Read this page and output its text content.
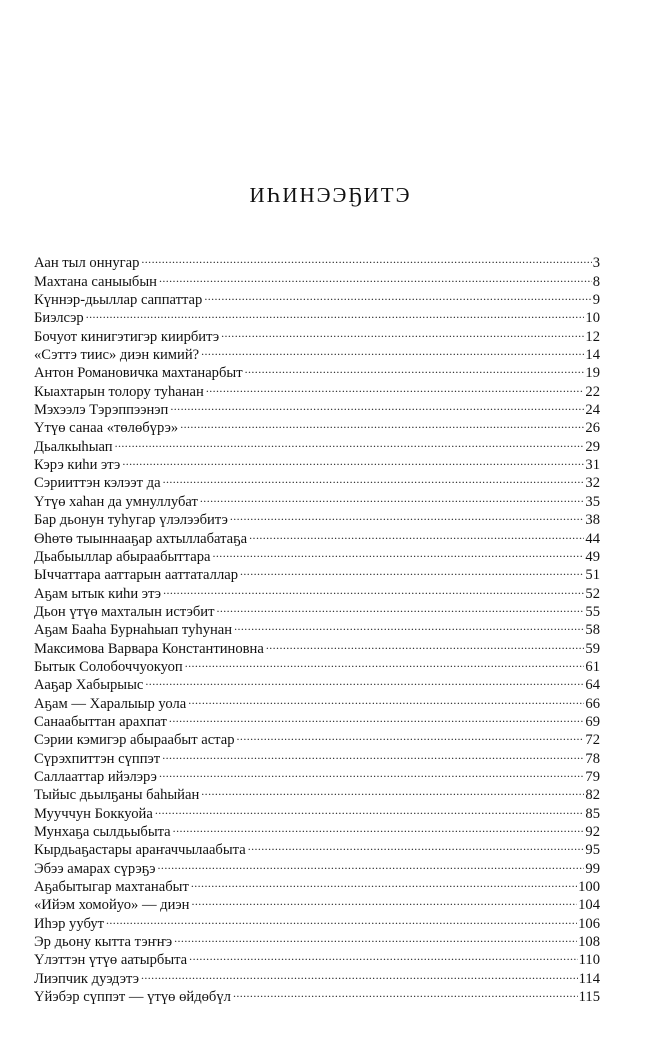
ИҺИНЭЭҔИТЭ
Аан тыл оннугар .....	3
Махтана саныыбын .....	8
Күннэр-дьыллар саппаттар .....	9
Биэлсэр .....	10
Бочуот кинигэтигэр киирбитэ .....	12
«Сэттэ тиис» диэн кимий? .....	14
Антон Романовичка махтанарбыт .....	19
Кыахтарын толору туһанан .....	22
Мэхээлэ Тэрэппээнэп .....	24
Үтүө санаа «төлөбүрэ» .....	26
Дьалкыһыап .....	29
Кэрэ киһи этэ .....	31
Сэрииттэн кэлээт да .....	32
Үтүө хаһан да умнуллубат .....	35
Бар дьонун туһугар үлэлээбитэ .....	38
Өһөтө тыыннааҕар ахтыллабатаҕа .....	44
Дьабыыллар абырaабыттара .....	49
Ыччаттара ааттарын ааттаталлар .....	51
Аҕам ытык киһи этэ .....	52
Дьон үтүө махталын истэбит .....	55
Аҕам Бааһа Бурнаһыап туһунан .....	58
Максимова Варвара Константиновна .....	59
Бытык Солобоччуокуоп .....	61
Ааҕар Хабырыыс .....	64
Аҕам — Харалыыр уола .....	66
Санаабыттан арахпат .....	69
Сэрии кэмигэр абырaабыт астар .....	72
Сүрэхпиттэн сүппэт .....	78
Саллааттар ийэлэрэ .....	79
Тыйыс дьылҕаны баһыйан .....	82
Мууччун Боккуойа .....	85
Мунхаҕа сылдьыбыта .....	92
Кырдьаҕастары араҥаччылаабыта .....	95
Эбээ амарах сүрэҕэ .....	99
Аҕабытыгар махтанабыт .....	100
«Ийэм хомойуо» — диэн .....	104
Иһэр уубут .....	106
Эр дьону кытта тэҥҥэ .....	108
Үлэттэн үтүө аатырбыта .....	110
Лиэпчик дуэдэтэ .....	114
Үйэбэр сүппэт — үтүө өйдөбүл .....	115
